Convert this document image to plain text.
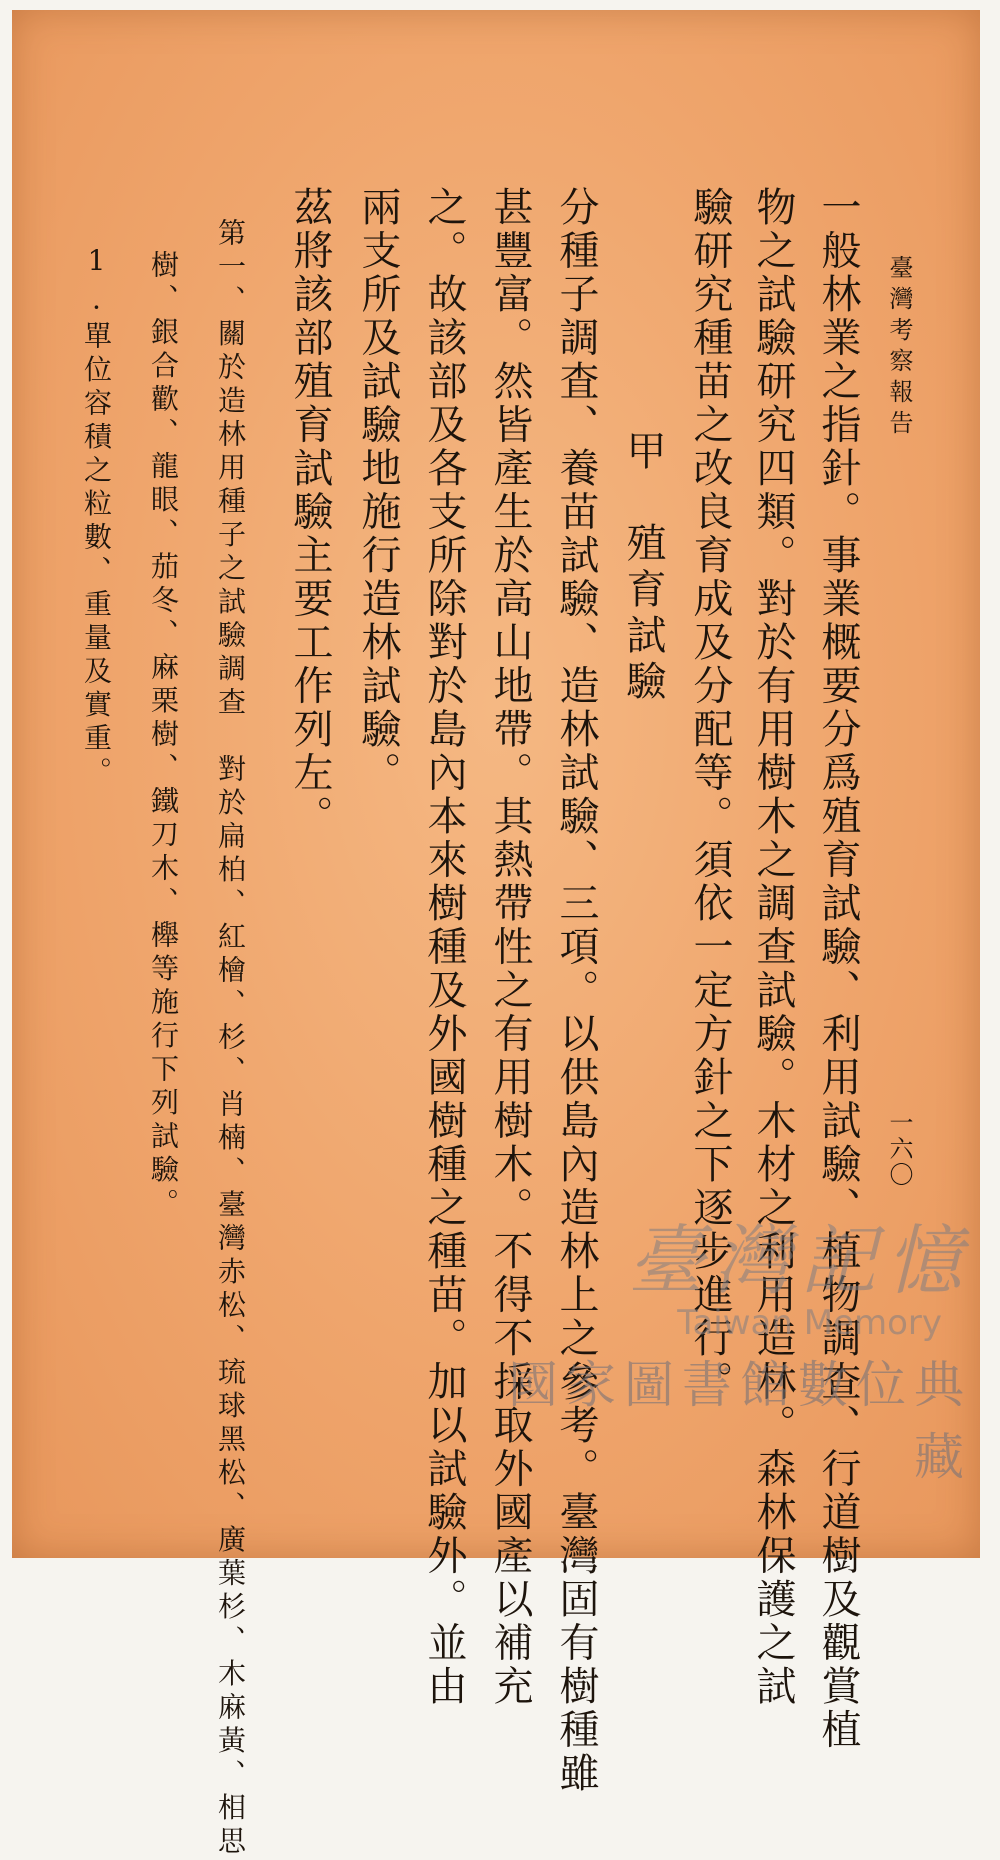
臺灣考察報告
一六〇
一般林業之指針。事業概要分爲殖育試驗、利用試驗、植物調查、行道樹及觀賞植
物之試驗研究四類。對於有用樹木之調查試驗。木材之利用造林。森林保護之試
驗研究種苗之改良育成及分配等。須依一定方針之下逐步進行。
甲　殖育試驗
分種子調査、養苗試驗、造林試驗、三項。以供島內造林上之參考。臺灣固有樹種雖
甚豐富。然皆產生於高山地帶。其熱帶性之有用樹木。不得不採取外國產以補充
之。故該部及各支所除對於島內本來樹種及外國樹種之種苗。加以試驗外。並由
兩支所及試驗地施行造林試驗。
茲將該部殖育試驗主要工作列左。
第一、關於造林用種子之試驗調查　對於扁柏、紅檜、杉、肖楠、臺灣赤松、琉球黑松、廣葉杉、木麻黃、相思
樹、銀合歡、龍眼、茄冬、麻栗樹、鐵刀木、櫸等施行下列試驗。
1.單位容積之粒數、重量及實重。
臺灣記憶
Taiwan Memory
國家圖書館數位典藏
